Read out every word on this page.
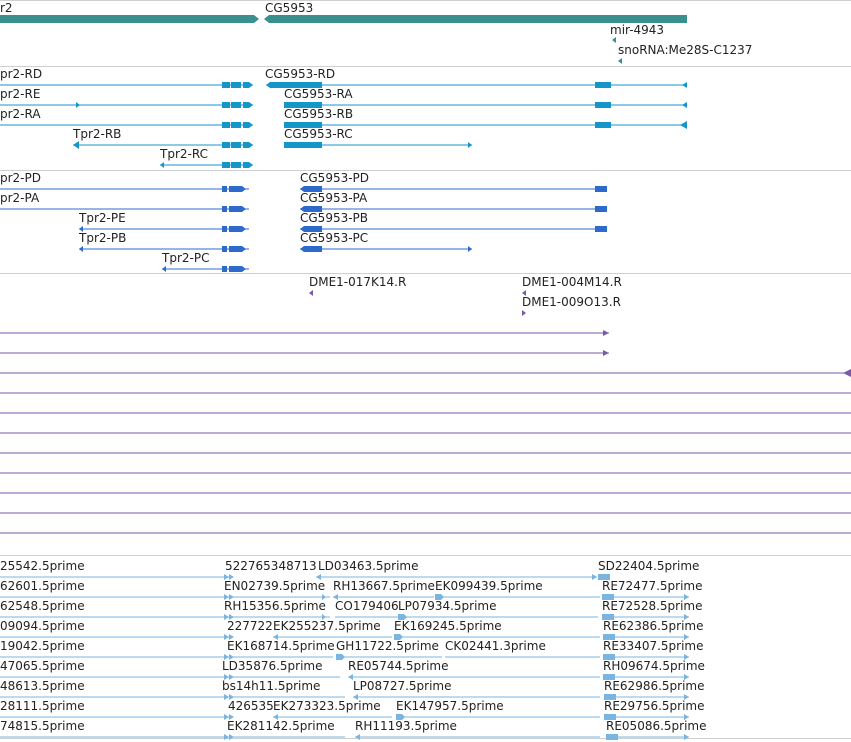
r2	CG5953
mir-4943
snoRNA:Me28S-C1237
pr2-RD	CG5953-RD
pr2-RE	CG5953-RA
pr2-RA	CG5953-RB
Tpr2-RB	CG5953-RC
Tpr2-RC
pr2-PD	CG5953-PD
pr2-PA	CG5953-PA
Tpr2-PE	CG5953-PB
Tpr2-PB	CG5953-PC
Tpr2-PC
DME1-017K14.R	DME1-004M14.R
DME1-009O13.R
25542.5prime	522765348713 LD03463.5prime	SD22404.5prime
62601.5prime	EN02739.5prime RH13667.5prime EK099439.5prime	RE72477.5prime
62548.5prime	RH15356.5prime CO179406 LP07934.5prime	RE72528.5prime
09094.5prime	227722 EK255237.5prime EK169245.5prime	RE62386.5prime
19042.5prime	EK168714.5prime GH11722.5prime CK02441.3prime	RE33407.5prime
47065.5prime	LD35876.5prime RE05744.5prime	RH09674.5prime
48613.5prime	bs14h11.5prime	LP08727.5prime	RE62986.5prime
28111.5prime	426535 EK273323.5prime EK147957.5prime	RE29756.5prime
74815.5prime	EK281142.5prime RH11193.5prime	RE05086.5prime
